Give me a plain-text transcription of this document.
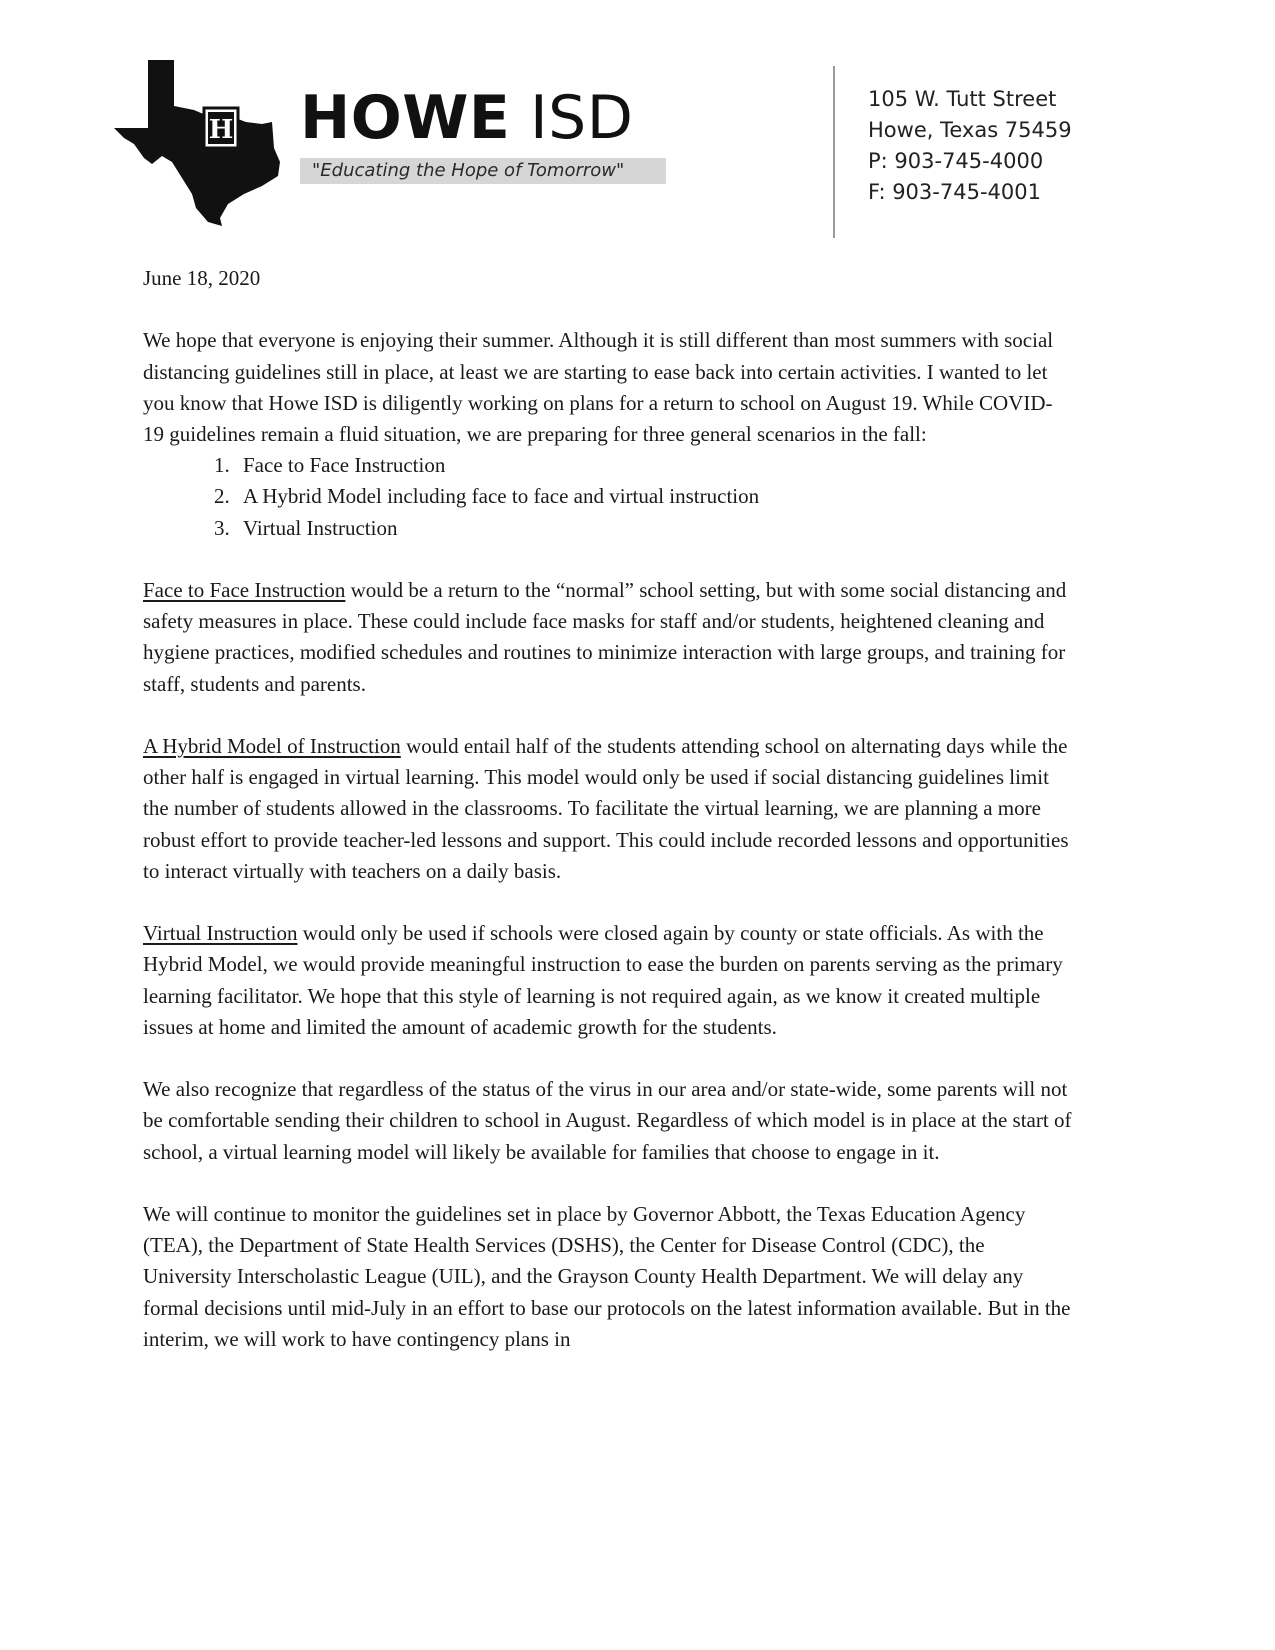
H HOWE ISD
"Educating the Hope of Tomorrow"
105 W. Tutt Street
Howe, Texas 75459
P: 903-745-4000
F: 903-745-4001
June 18, 2020

We hope that everyone is enjoying their summer. Although it is still different than most summers with social distancing guidelines still in place, at least we are starting to ease back into certain activities. I wanted to let you know that Howe ISD is diligently working on plans for a return to school on August 19. While COVID-19 guidelines remain a fluid situation, we are preparing for three general scenarios in the fall:

1. Face to Face Instruction
2. A Hybrid Model including face to face and virtual instruction
3. Virtual Instruction

Face to Face Instruction would be a return to the “normal” school setting, but with some social distancing and safety measures in place. These could include face masks for staff and/or students, heightened cleaning and hygiene practices, modified schedules and routines to minimize interaction with large groups, and training for staff, students and parents.

A Hybrid Model of Instruction would entail half of the students attending school on alternating days while the other half is engaged in virtual learning. This model would only be used if social distancing guidelines limit the number of students allowed in the classrooms. To facilitate the virtual learning, we are planning a more robust effort to provide teacher-led lessons and support. This could include recorded lessons and opportunities to interact virtually with teachers on a daily basis.

Virtual Instruction would only be used if schools were closed again by county or state officials. As with the Hybrid Model, we would provide meaningful instruction to ease the burden on parents serving as the primary learning facilitator. We hope that this style of learning is not required again, as we know it created multiple issues at home and limited the amount of academic growth for the students.

We also recognize that regardless of the status of the virus in our area and/or state-wide, some parents will not be comfortable sending their children to school in August. Regardless of which model is in place at the start of school, a virtual learning model will likely be available for families that choose to engage in it.

We will continue to monitor the guidelines set in place by Governor Abbott, the Texas Education Agency (TEA), the Department of State Health Services (DSHS), the Center for Disease Control (CDC), the University Interscholastic League (UIL), and the Grayson County Health Department. We will delay any formal decisions until mid-July in an effort to base our protocols on the latest information available. But in the interim, we will work to have contingency plans in
